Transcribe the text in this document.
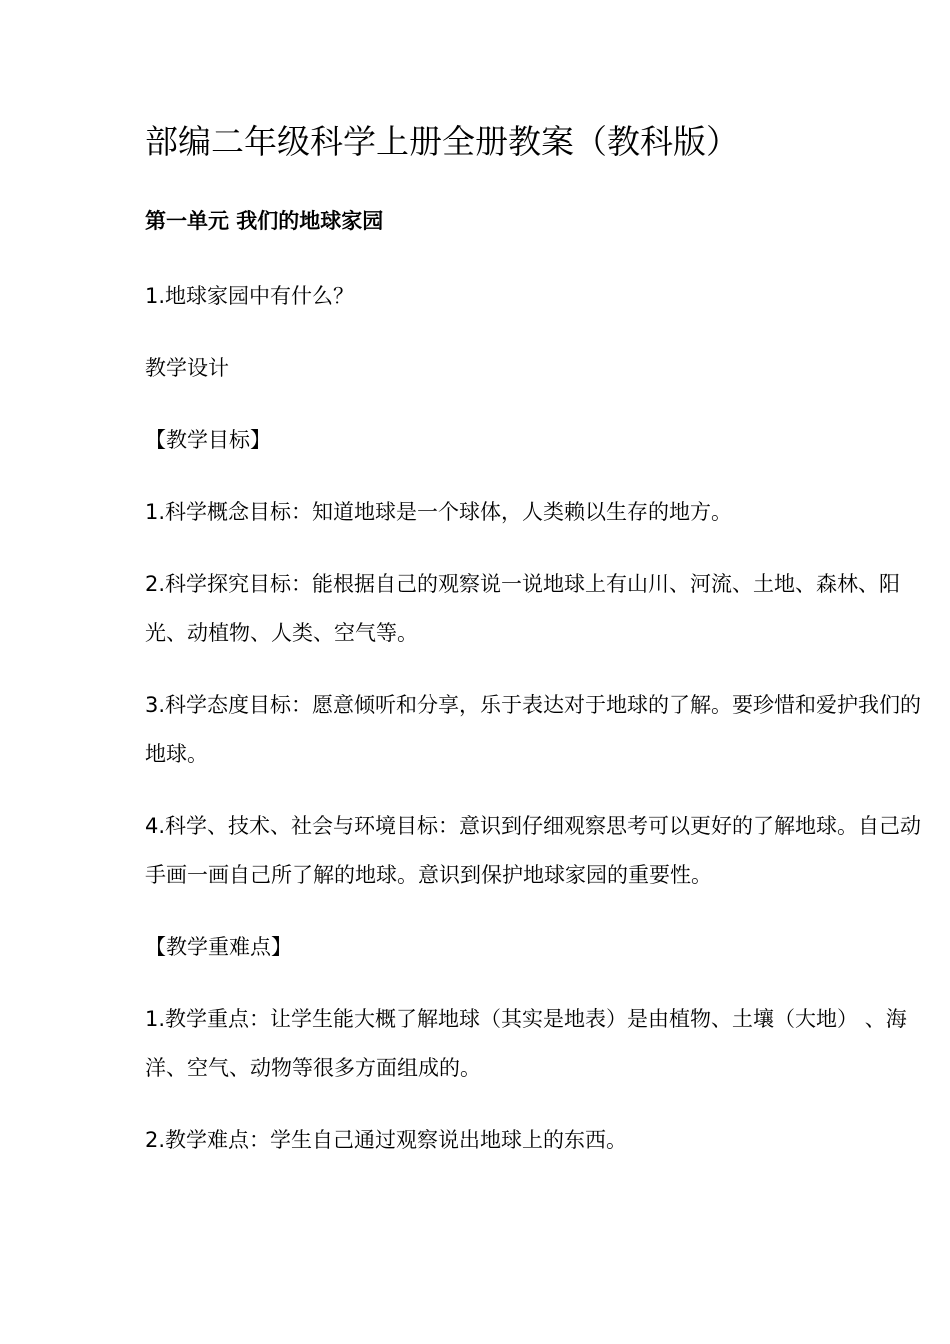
部编二年级科学上册全册教案（教科版）
第一单元 我们的地球家园

1.地球家园中有什么？

教学设计

【教学目标】

1.科学概念目标：知道地球是一个球体，人类赖以生存的地方。

2.科学探究目标：能根据自己的观察说一说地球上有山川、河流、土地、森林、阳光、动植物、人类、空气等。

3.科学态度目标：愿意倾听和分享，乐于表达对于地球的了解。要珍惜和爱护我们的地球。

4.科学、技术、社会与环境目标：意识到仔细观察思考可以更好的了解地球。自己动手画一画自己所了解的地球。意识到保护地球家园的重要性。

【教学重难点】

1.教学重点：让学生能大概了解地球（其实是地表）是由植物、土壤（大地） 、海洋、空气、动物等很多方面组成的。

2.教学难点：学生自己通过观察说出地球上的东西。
